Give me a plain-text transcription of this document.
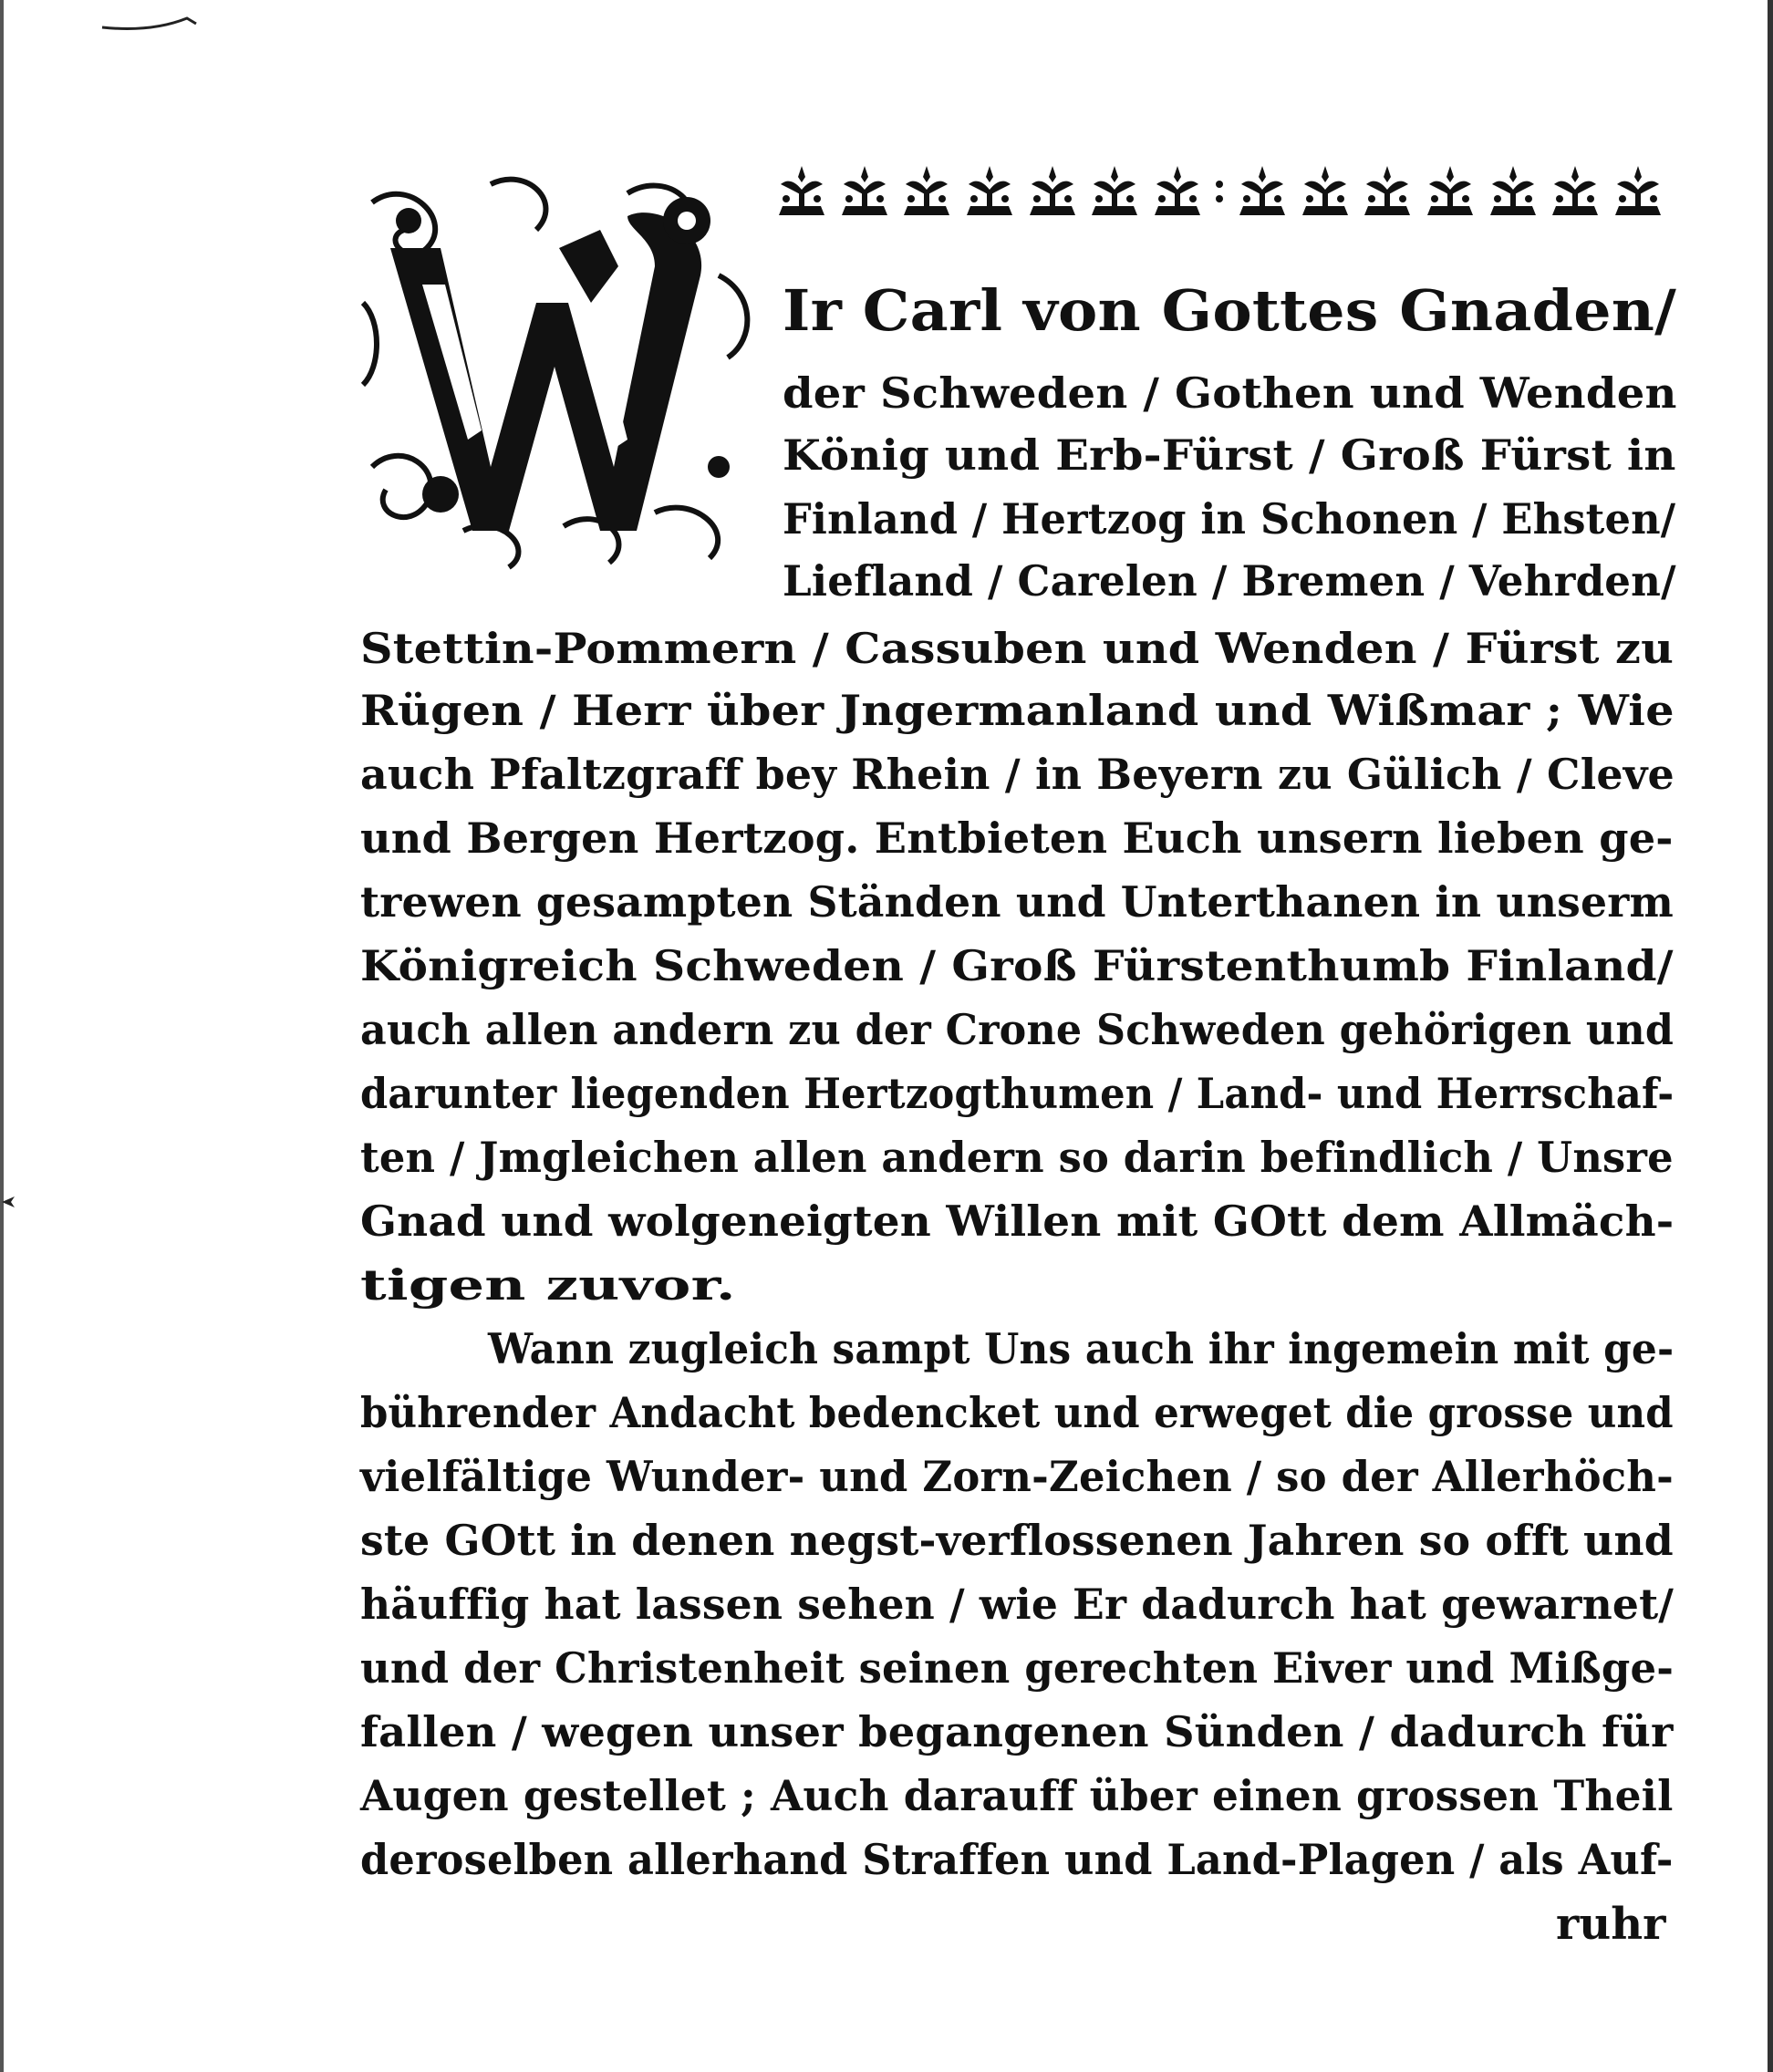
Ir Carl von Gottes Gnaden/
der Schweden / Gothen und Wenden
König und Erb-Fürst / Groß Fürst in
Finland / Hertzog in Schonen / Ehsten/
Liefland / Carelen / Bremen / Vehrden/
Stettin-Pommern / Cassuben und Wenden / Fürst zu
Rügen / Herr über Jngermanland und Wißmar ; Wie
auch Pfaltzgraff bey Rhein / in Beyern zu Gülich / Cleve
und Bergen Hertzog. Entbieten Euch unsern lieben ge-
trewen gesampten Ständen und Unterthanen in unserm
Königreich Schweden / Groß Fürstenthumb Finland/
auch allen andern zu der Crone Schweden gehörigen und
darunter liegenden Hertzogthumen / Land- und Herrschaf-
ten / Jmgleichen allen andern so darin befindlich / Unsre
Gnad und wolgeneigten Willen mit GOtt dem Allmäch-
tigen zuvor.
Wann zugleich sampt Uns auch ihr ingemein mit ge-
bührender Andacht bedencket und erweget die grosse und
vielfältige Wunder- und Zorn-Zeichen / so der Allerhöch-
ste GOtt in denen negst-verflossenen Jahren so offt und
häuffig hat lassen sehen / wie Er dadurch hat gewarnet/
und der Christenheit seinen gerechten Eiver und Mißge-
fallen / wegen unser begangenen Sünden / dadurch für
Augen gestellet ; Auch darauff über einen grossen Theil
deroselben allerhand Straffen und Land-Plagen / als Auf-
ruhr
